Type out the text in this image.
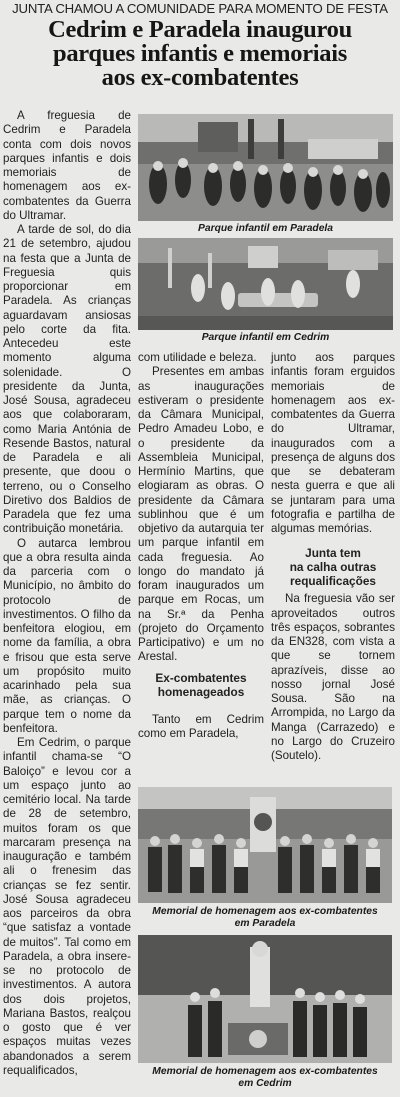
JUNTA CHAMOU A COMUNIDADE PARA MOMENTO DE FESTA
Cedrim e Paradela inaugurou
parques infantis e memoriais
aos ex-combatentes

A freguesia de Cedrim e Paradela conta com dois novos parques infantis e dois memoriais de homenagem aos ex-combatentes da Guerra do Ultramar.

A tarde de sol, do dia 21 de setembro, ajudou na festa que a Junta de Freguesia quis proporcionar em Paradela. As crianças aguardavam ansiosas pelo corte da fita. Antecedeu este momento alguma solenidade. O presidente da Junta, José Sousa, agradeceu aos que colaboraram, como Maria Antónia de Resende Bastos, natural de Paradela e ali presente, que doou o terreno, ou o Conselho Diretivo dos Baldios de Paradela que fez uma contribuição monetária.

O autarca lembrou que a obra resulta ainda da parceria com o Município, no âmbito do protocolo de investimentos. O filho da benfeitora elogiou, em nome da família, a obra e frisou que esta serve um propósito muito acarinhado pela sua mãe, as crianças. O parque tem o nome da benfeitora.

Em Cedrim, o parque infantil chama-se “O Baloiço” e levou cor a um espaço junto ao cemitério local. Na tarde de 28 de setembro, muitos foram os que marcaram presença na inauguração e também ali o frenesim das crianças se fez sentir. José Sousa agradeceu aos parceiros da obra “que satisfaz a vontade de muitos”. Tal como em Paradela, a obra insere-se no protocolo de investimentos. A autora dos dois projetos, Mariana Bastos, realçou o gosto que é ver espaços muitas vezes abandonados a serem requalificados,

Parque infantil em Paradela
Parque infantil em Cedrim

com utilidade e beleza.

Presentes em ambas as inaugurações estiveram o presidente da Câmara Municipal, Pedro Amadeu Lobo, e o presidente da Assembleia Municipal, Hermínio Martins, que elogiaram as obras. O presidente da Câmara sublinhou que é um objetivo da autarquia ter um parque infantil em cada freguesia. Ao longo do mandato já foram inaugurados um parque em Rocas, um na Sr.ª da Penha (projeto do Orçamento Participativo) e um no Arestal.

Ex-combatentes
homenageados

Tanto em Cedrim como em Paradela,

junto aos parques infantis foram erguidos memoriais de homenagem aos ex-combatentes da Guerra do Ultramar, inaugurados com a presença de alguns dos que se debateram nesta guerra e que ali se juntaram para uma fotografia e partilha de algumas memórias.

Junta tem
na calha outras
requalificações

Na freguesia vão ser aproveitados outros três espaços, sobrantes da EN328, com vista a que se tornem aprazíveis, disse ao nosso jornal José Sousa. São na Arrompida, no Largo da Manga (Carrazedo) e no Largo do Cruzeiro (Soutelo).

Memorial de homenagem aos ex-combatentes
em Paradela
Memorial de homenagem aos ex-combatentes
em Cedrim
